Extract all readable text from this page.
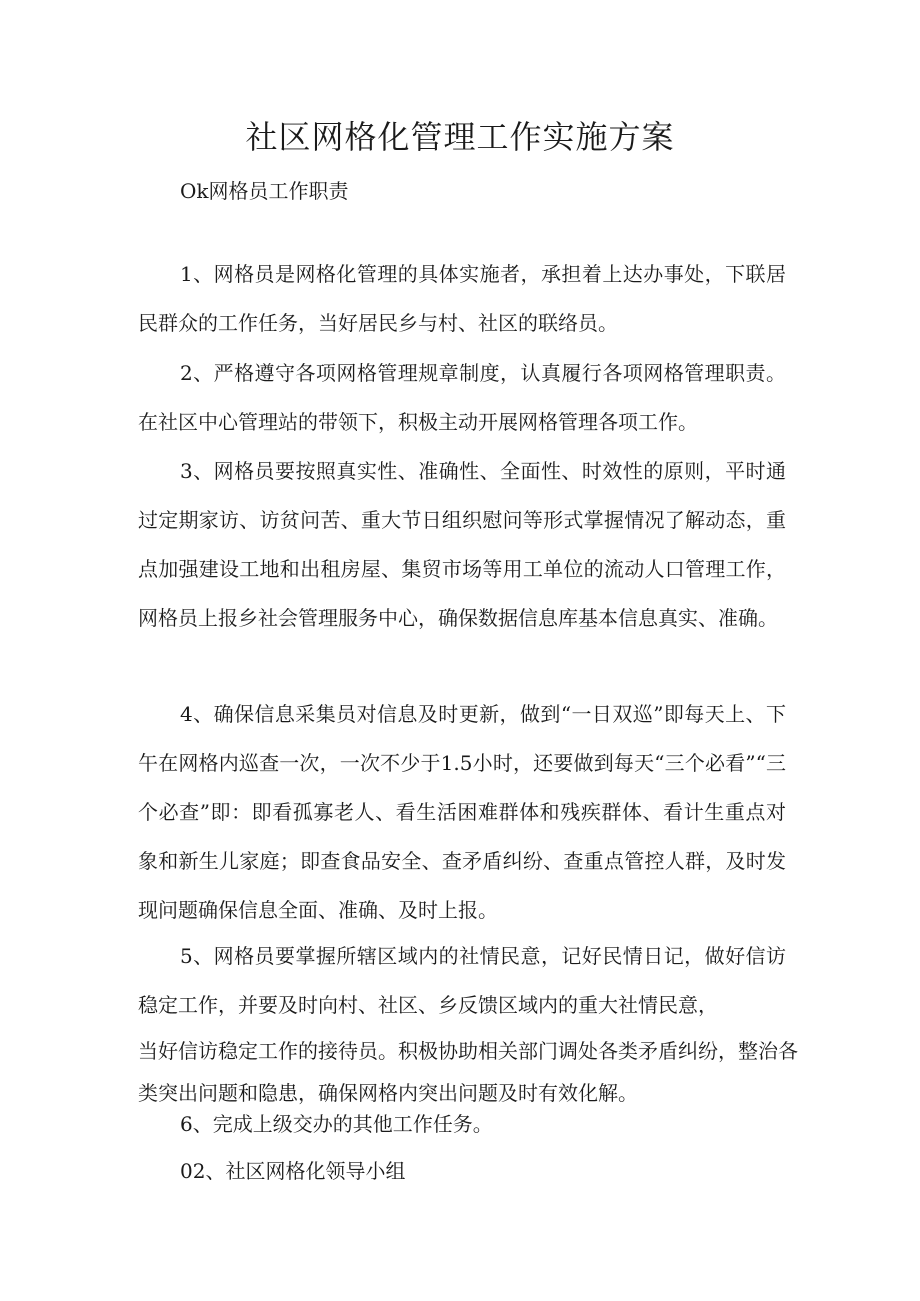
社区网格化管理工作实施方案

Ok网格员工作职责

1、网格员是网格化管理的具体实施者，承担着上达办事处，下联居民群众的工作任务，当好居民乡与村、社区的联络员。

2、严格遵守各项网格管理规章制度，认真履行各项网格管理职责。在社区中心管理站的带领下，积极主动开展网格管理各项工作。

3、网格员要按照真实性、准确性、全面性、时效性的原则，平时通过定期家访、访贫问苦、重大节日组织慰问等形式掌握情况了解动态，重点加强建设工地和出租房屋、集贸市场等用工单位的流动人口管理工作，网格员上报乡社会管理服务中心，确保数据信息库基本信息真实、准确。

4、确保信息采集员对信息及时更新，做到“一日双巡”即每天上、下午在网格内巡查一次，一次不少于1.5小时，还要做到每天“三个必看”“三个必查”即：即看孤寡老人、看生活困难群体和残疾群体、看计生重点对象和新生儿家庭；即查食品安全、查矛盾纠纷、查重点管控人群，及时发现问题确保信息全面、准确、及时上报。

5、网格员要掌握所辖区域内的社情民意，记好民情日记，做好信访稳定工作，并要及时向村、社区、乡反馈区域内的重大社情民意，

当好信访稳定工作的接待员。积极协助相关部门调处各类矛盾纠纷，整治各类突出问题和隐患，确保网格内突出问题及时有效化解。

6、完成上级交办的其他工作任务。

02、社区网格化领导小组
